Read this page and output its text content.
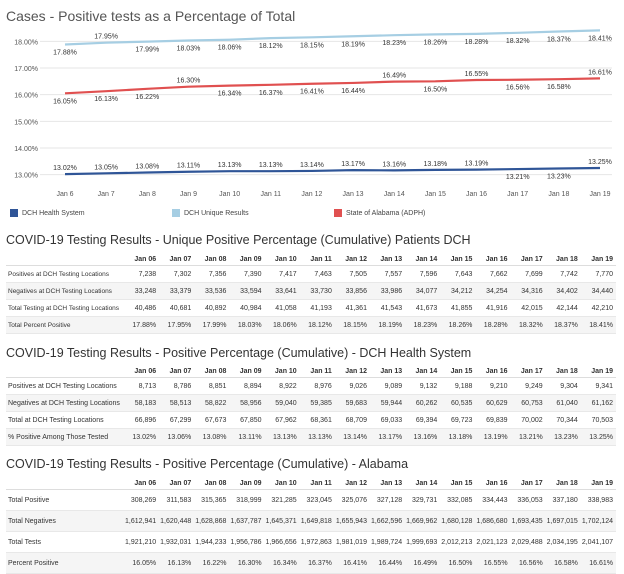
Cases - Positive tests as a Percentage of Total
13.00%
14.00%
15.00%
16.00%
17.00%
18.00%
Jan 6	Jan 7	Jan 8	Jan 9	Jan 10	Jan 11	Jan 12	Jan 13	Jan 14	Jan 15	Jan 16	Jan 17	Jan 18	Jan 19
17.88%
17.95%
17.99% 18.03% 18.06% 18.12% 18.15% 18.19% 18.23% 18.26% 18.28% 18.32% 18.37% 18.41%
16.05% 16.13% 16.22%
16.30%
16.34% 16.37% 16.41% 16.44%
16.49%
16.50%
16.55%
16.56% 16.58%
16.61%
13.02% 13.05% 13.08%	13.11%	13.13% 13.13% 13.14% 13.17% 13.16% 13.18% 13.19%
13.21% 13.23%
13.25%
DCH Health System	DCH Unique Results	State of Alabama (ADPH)
COVID-19 Testing Results - Unique Positive Percentage (Cumulative) Patients DCH
	Jan 06	Jan 07	Jan 08	Jan 09	Jan 10	Jan 11	Jan 12	Jan 13	Jan 14	Jan 15	Jan 16	Jan 17	Jan 18	Jan 19
Positives at DCH Testing Locations	7,238	7,302	7,356	7,390	7,417	7,463	7,505	7,557	7,596	7,643	7,662	7,699	7,742	7,770
Negatives at DCH Testing Locations	33,248	33,379	33,536	33,594	33,641	33,730	33,856	33,986	34,077	34,212	34,254	34,316	34,402	34,440
Total Testing at DCH Testing Locations	40,486	40,681	40,892	40,984	41,058	41,193	41,361	41,543	41,673	41,855	41,916	42,015	42,144	42,210
Total Percent Positive	17.88%	17.95%	17.99%	18.03%	18.06%	18.12%	18.15%	18.19%	18.23%	18.26%	18.28%	18.32%	18.37%	18.41%
COVID-19 Testing Results - Positive Percentage (Cumulative) - DCH Health System
	Jan 06	Jan 07	Jan 08	Jan 09	Jan 10	Jan 11	Jan 12	Jan 13	Jan 14	Jan 15	Jan 16	Jan 17	Jan 18	Jan 19
Positives at DCH Testing Locations	8,713	8,786	8,851	8,894	8,922	8,976	9,026	9,089	9,132	9,188	9,210	9,249	9,304	9,341
Negatives at DCH Testing Locations	58,183	58,513	58,822	58,956	59,040	59,385	59,683	59,944	60,262	60,535	60,629	60,753	61,040	61,162
Total at DCH Testing Locations	66,896	67,299	67,673	67,850	67,962	68,361	68,709	69,033	69,394	69,723	69,839	70,002	70,344	70,503
% Positive Among Those Tested	13.02%	13.06%	13.08%	13.11%	13.13%	13.13%	13.14%	13.17%	13.16%	13.18%	13.19%	13.21%	13.23%	13.25%
COVID-19 Testing Results - Positive Percentage (Cumulative) - Alabama
	Jan 06	Jan 07	Jan 08	Jan 09	Jan 10	Jan 11	Jan 12	Jan 13	Jan 14	Jan 15	Jan 16	Jan 17	Jan 18	Jan 19
Total Positive	308,269	311,583	315,365	318,999	321,285	323,045	325,076	327,128	329,731	332,085	334,443	336,053	337,180	338,983
Total Negatives	1,612,941	1,620,448	1,628,868	1,637,787	1,645,371	1,649,818	1,655,943	1,662,596	1,669,962	1,680,128	1,686,680	1,693,435	1,697,015	1,702,124
Total Tests	1,921,210	1,932,031	1,944,233	1,956,786	1,966,656	1,972,863	1,981,019	1,989,724	1,999,693	2,012,213	2,021,123	2,029,488	2,034,195	2,041,107
Percent Positive	16.05%	16.13%	16.22%	16.30%	16.34%	16.37%	16.41%	16.44%	16.49%	16.50%	16.55%	16.56%	16.58%	16.61%
